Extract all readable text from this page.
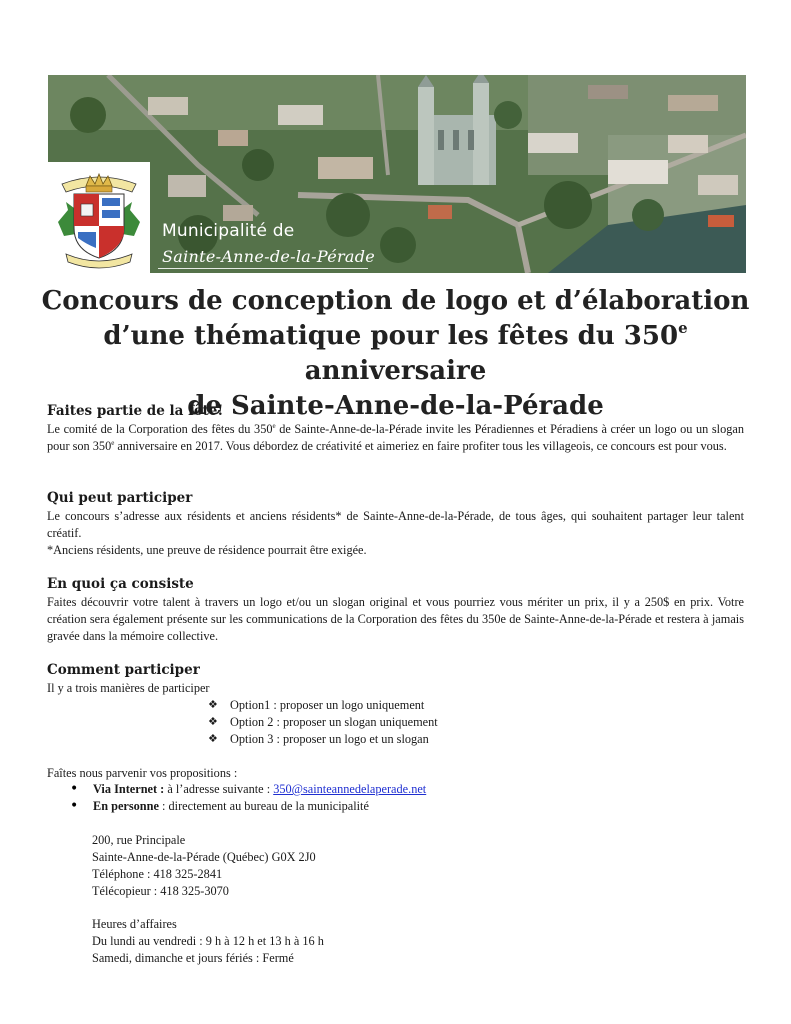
Municipalité de
Sainte-Anne-de-la-Pérade
Concours de conception de logo et d’élaboration
d’une thématique pour les fêtes du 350e anniversaire
de Sainte-Anne-de-la-Pérade
Faites partie de la fête!
Le comité de la Corporation des fêtes du 350e de Sainte-Anne-de-la-Pérade invite les Péradiennes et Péradiens à créer un logo ou un slogan pour son 350e anniversaire en 2017. Vous débordez de créativité et aimeriez en faire profiter tous les villageois, ce concours est pour vous.
Qui peut participer
Le concours s’adresse aux résidents et anciens résidents* de Sainte-Anne-de-la-Pérade, de tous âges, qui souhaitent partager leur talent créatif.
*Anciens résidents, une preuve de résidence pourrait être exigée.
En quoi ça consiste
Faites découvrir votre talent à travers un logo et/ou un slogan original et vous pourriez vous mériter un prix, il y a 250$ en prix. Votre création sera également présente sur les communications de la Corporation des fêtes du 350e de Sainte-Anne-de-la-Pérade et restera à jamais gravée dans la mémoire collective.
Comment participer
Il y a trois manières de participer
❖ Option1 : proposer un logo uniquement
❖ Option 2 : proposer un slogan uniquement
❖ Option 3 : proposer un logo et un slogan
Faîtes nous parvenir vos propositions :
• Via Internet : à l’adresse suivante : 350@sainteannedelaperade.net
• En personne : directement au bureau de la municipalité
200, rue Principale
Sainte-Anne-de-la-Pérade (Québec) G0X 2J0
Téléphone : 418 325-2841
Télécopieur : 418 325-3070
Heures d’affaires
Du lundi au vendredi : 9 h à 12 h et 13 h à 16 h
Samedi, dimanche et jours fériés : Fermé
